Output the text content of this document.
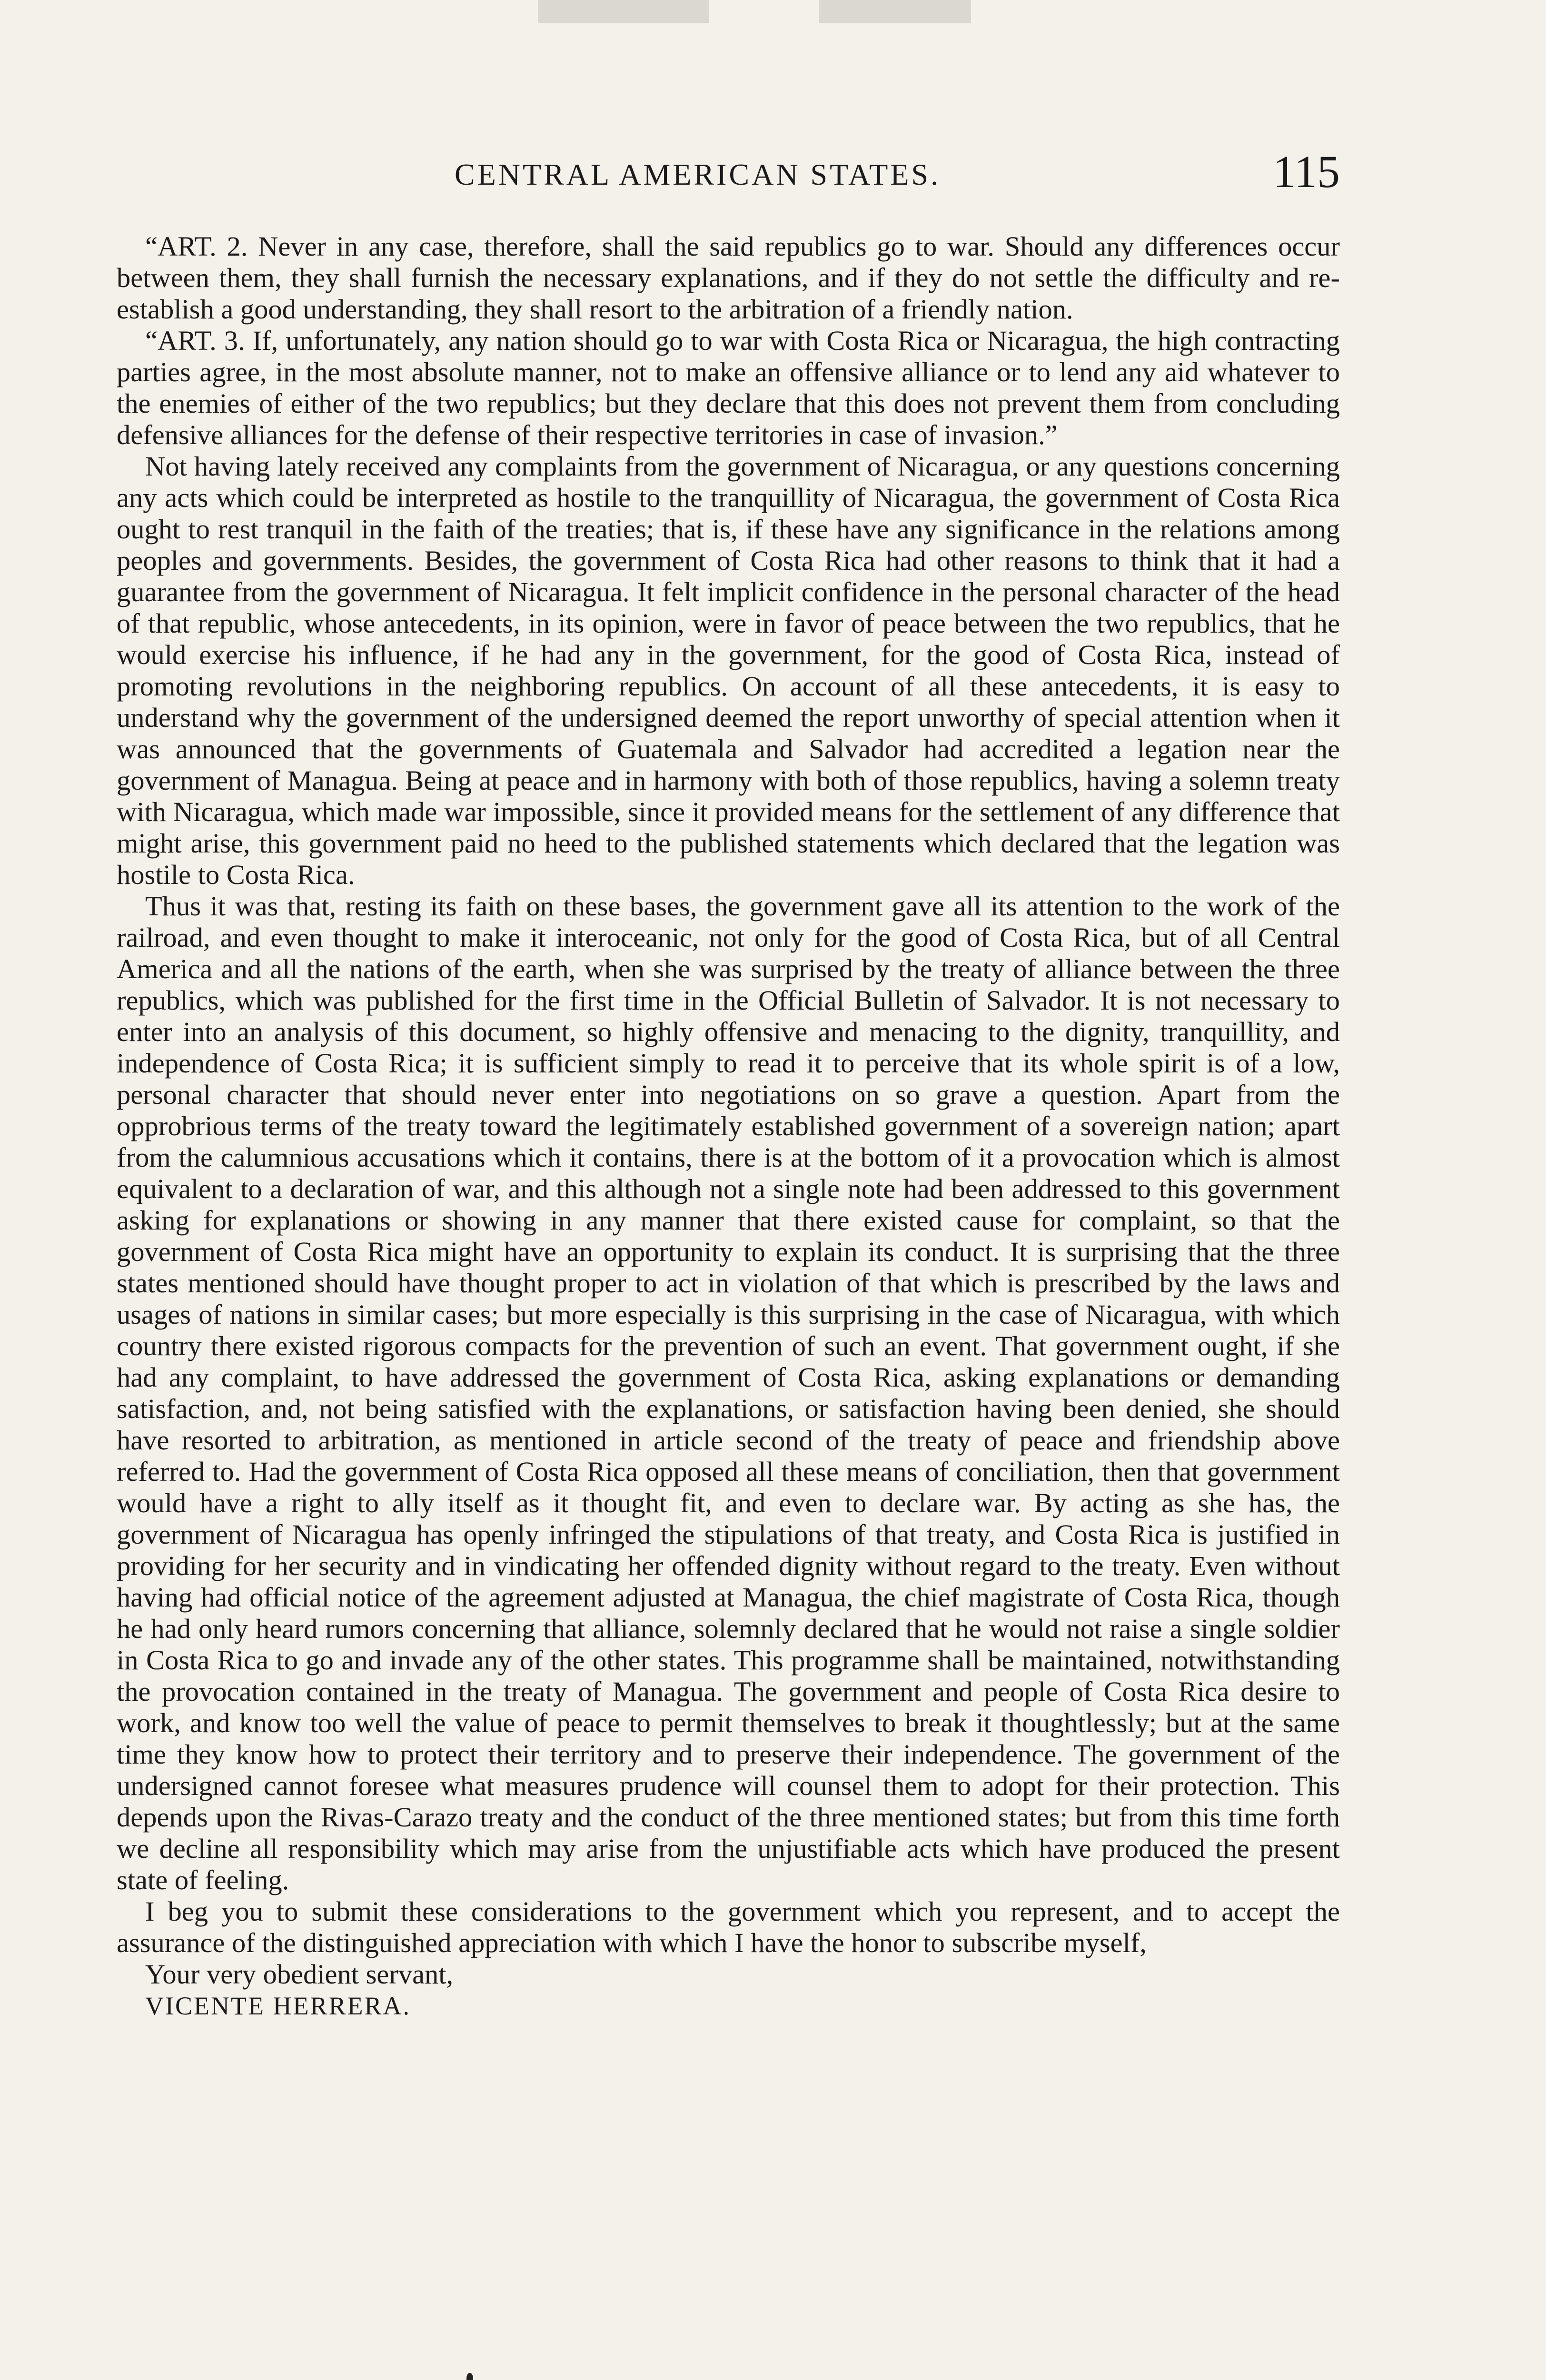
CENTRAL AMERICAN STATES.	115

“ART. 2. Never in any case, therefore, shall the said republics go to war. Should any differences occur between them, they shall furnish the necessary explanations, and if they do not settle the difficulty and re-establish a good understanding, they shall resort to the arbitration of a friendly nation.

“ART. 3. If, unfortunately, any nation should go to war with Costa Rica or Nicaragua, the high contracting parties agree, in the most absolute manner, not to make an offensive alliance or to lend any aid whatever to the enemies of either of the two republics; but they declare that this does not prevent them from concluding defensive alliances for the defense of their respective territories in case of invasion.”

Not having lately received any complaints from the government of Nicaragua, or any questions concerning any acts which could be interpreted as hostile to the tranquillity of Nicaragua, the government of Costa Rica ought to rest tranquil in the faith of the treaties; that is, if these have any significance in the relations among peoples and governments. Besides, the government of Costa Rica had other reasons to think that it had a guarantee from the government of Nicaragua. It felt implicit confidence in the personal character of the head of that republic, whose antecedents, in its opinion, were in favor of peace between the two republics, that he would exercise his influence, if he had any in the government, for the good of Costa Rica, instead of promoting revolutions in the neighboring republics. On account of all these antecedents, it is easy to understand why the government of the undersigned deemed the report unworthy of special attention when it was announced that the governments of Guatemala and Salvador had accredited a legation near the government of Managua. Being at peace and in harmony with both of those republics, having a solemn treaty with Nicaragua, which made war impossible, since it provided means for the settlement of any difference that might arise, this government paid no heed to the published statements which declared that the legation was hostile to Costa Rica.

Thus it was that, resting its faith on these bases, the government gave all its attention to the work of the railroad, and even thought to make it interoceanic, not only for the good of Costa Rica, but of all Central America and all the nations of the earth, when she was surprised by the treaty of alliance between the three republics, which was published for the first time in the Official Bulletin of Salvador. It is not necessary to enter into an analysis of this document, so highly offensive and menacing to the dignity, tranquillity, and independence of Costa Rica; it is sufficient simply to read it to perceive that its whole spirit is of a low, personal character that should never enter into negotiations on so grave a question. Apart from the opprobrious terms of the treaty toward the legitimately established government of a sovereign nation; apart from the calumnious accusations which it contains, there is at the bottom of it a provocation which is almost equivalent to a declaration of war, and this although not a single note had been addressed to this government asking for explanations or showing in any manner that there existed cause for complaint, so that the government of Costa Rica might have an opportunity to explain its conduct. It is surprising that the three states mentioned should have thought proper to act in violation of that which is prescribed by the laws and usages of nations in similar cases; but more especially is this surprising in the case of Nicaragua, with which country there existed rigorous compacts for the prevention of such an event. That government ought, if she had any complaint, to have addressed the government of Costa Rica, asking explanations or demanding satisfaction, and, not being satisfied with the explanations, or satisfaction having been denied, she should have resorted to arbitration, as mentioned in article second of the treaty of peace and friendship above referred to. Had the government of Costa Rica opposed all these means of conciliation, then that government would have a right to ally itself as it thought fit, and even to declare war. By acting as she has, the government of Nicaragua has openly infringed the stipulations of that treaty, and Costa Rica is justified in providing for her security and in vindicating her offended dignity without regard to the treaty. Even without having had official notice of the agreement adjusted at Managua, the chief magistrate of Costa Rica, though he had only heard rumors concerning that alliance, solemnly declared that he would not raise a single soldier in Costa Rica to go and invade any of the other states. This programme shall be maintained, notwithstanding the provocation contained in the treaty of Managua. The government and people of Costa Rica desire to work, and know too well the value of peace to permit themselves to break it thoughtlessly; but at the same time they know how to protect their territory and to preserve their independence. The government of the undersigned cannot foresee what measures prudence will counsel them to adopt for their protection. This depends upon the Rivas-Carazo treaty and the conduct of the three mentioned states; but from this time forth we decline all responsibility which may arise from the unjustifiable acts which have produced the present state of feeling.

I beg you to submit these considerations to the government which you represent, and to accept the assurance of the distinguished appreciation with which I have the honor to subscribe myself,

Your very obedient servant,

VICENTE HERRERA.
